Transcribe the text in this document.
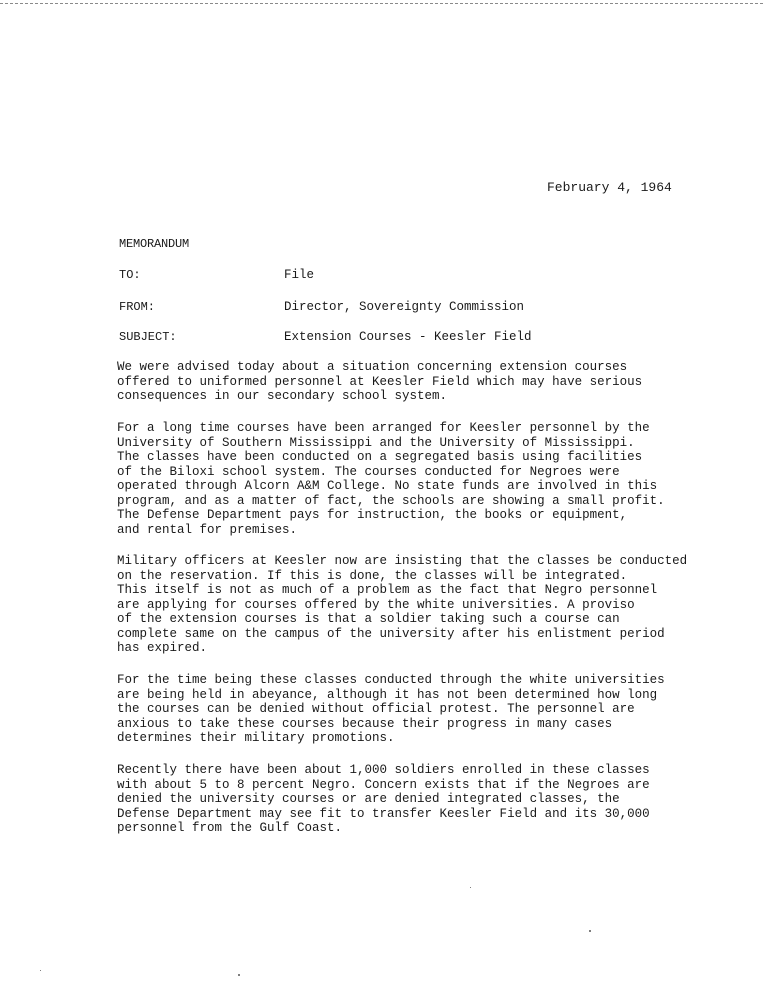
February 4, 1964
MEMORANDUM
TO:	File
FROM:	Director, Sovereignty Commission
SUBJECT:	Extension Courses - Keesler Field
We were advised today about a situation concerning extension courses
offered to uniformed personnel at Keesler Field which may have serious
consequences in our secondary school system.
For a long time courses have been arranged for Keesler personnel by the
University of Southern Mississippi and the University of Mississippi.
The classes have been conducted on a segregated basis using facilities
of the Biloxi school system. The courses conducted for Negroes were
operated through Alcorn A&M College. No state funds are involved in this
program, and as a matter of fact, the schools are showing a small profit.
The Defense Department pays for instruction, the books or equipment,
and rental for premises.
Military officers at Keesler now are insisting that the classes be conducted
on the reservation. If this is done, the classes will be integrated.
This itself is not as much of a problem as the fact that Negro personnel
are applying for courses offered by the white universities. A proviso
of the extension courses is that a soldier taking such a course can
complete same on the campus of the university after his enlistment period
has expired.
For the time being these classes conducted through the white universities
are being held in abeyance, although it has not been determined how long
the courses can be denied without official protest. The personnel are
anxious to take these courses because their progress in many cases
determines their military promotions.
Recently there have been about 1,000 soldiers enrolled in these classes
with about 5 to 8 percent Negro. Concern exists that if the Negroes are
denied the university courses or are denied integrated classes, the
Defense Department may see fit to transfer Keesler Field and its 30,000
personnel from the Gulf Coast.
